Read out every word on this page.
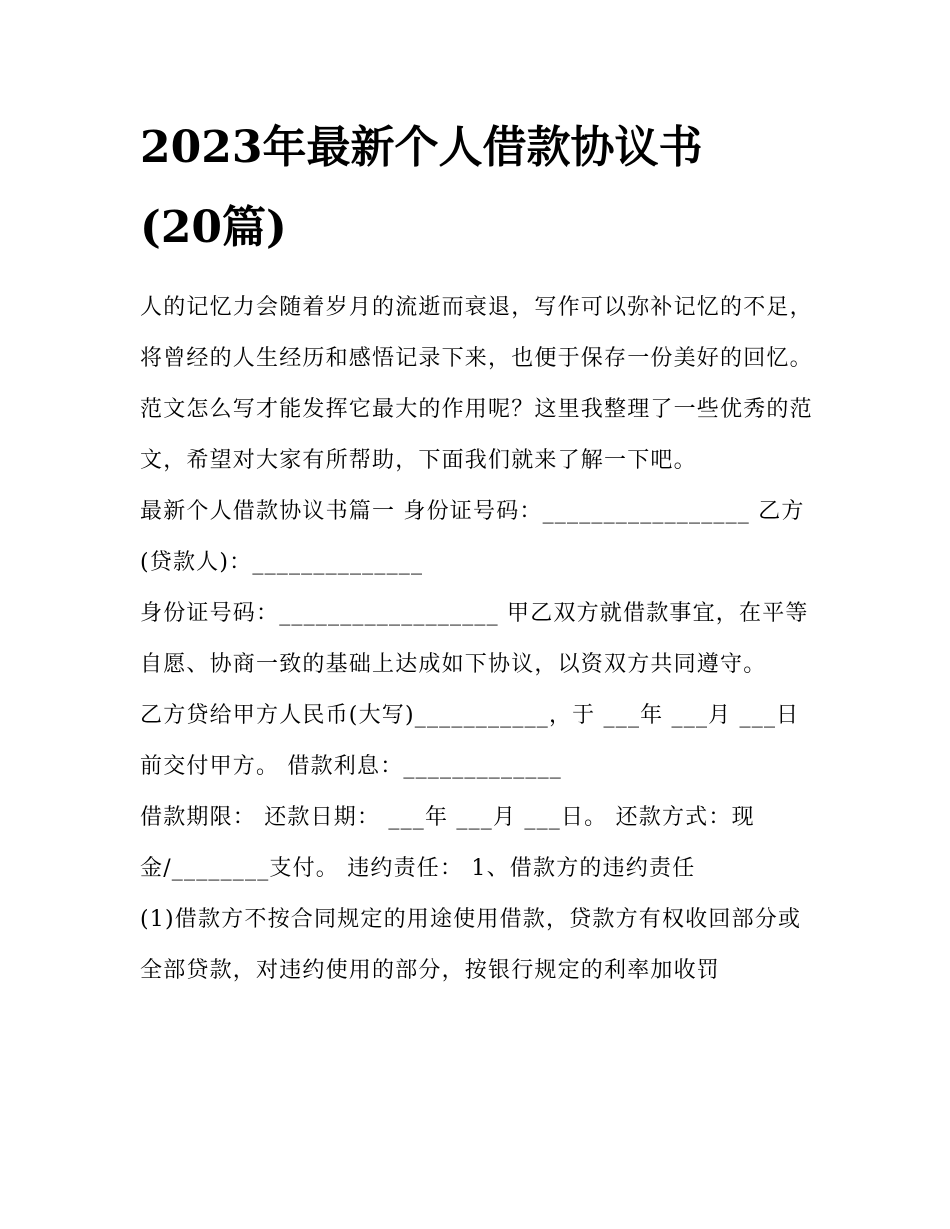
2023年最新个人借款协议书
(20篇)

人的记忆力会随着岁月的流逝而衰退，写作可以弥补记忆的不足，将曾经的人生经历和感悟记录下来，也便于保存一份美好的回忆。范文怎么写才能发挥它最大的作用呢？这里我整理了一些优秀的范文，希望对大家有所帮助，下面我们就来了解一下吧。

最新个人借款协议书篇一 身份证号码：_________________ 乙方(贷款人)：______________

身份证号码：__________________ 甲乙双方就借款事宜，在平等自愿、协商一致的基础上达成如下协议，以资双方共同遵守。

乙方贷给甲方人民币(大写)___________，于 ___年 ___月 ___日前交付甲方。 借款利息：_____________

借款期限： 还款日期： ___年 ___月 ___日。 还款方式：现金/________支付。 违约责任： 1、借款方的违约责任

(1)借款方不按合同规定的用途使用借款，贷款方有权收回部分或全部贷款，对违约使用的部分，按银行规定的利率加收罚
